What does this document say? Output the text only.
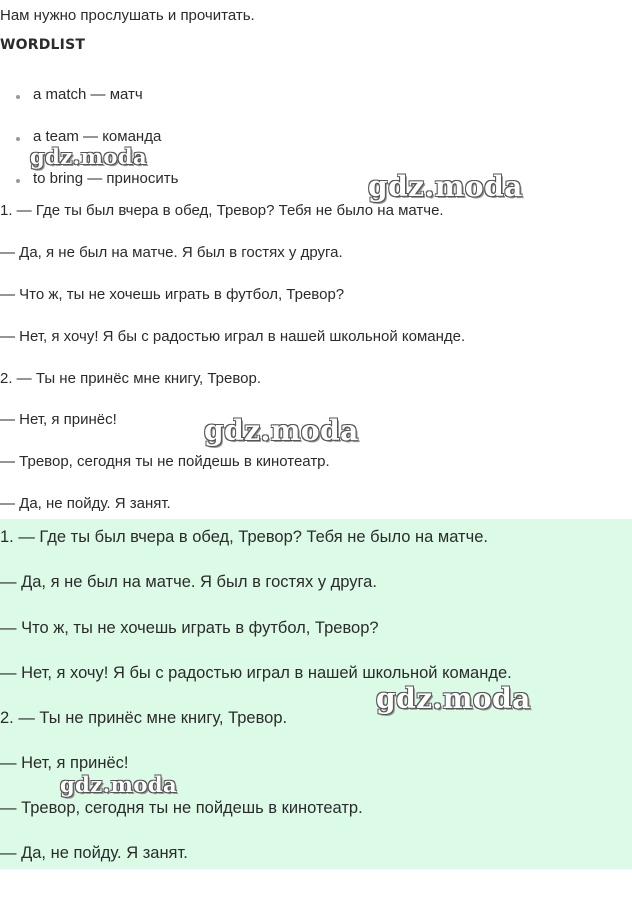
Нам нужно прослушать и прочитать.
WORDLIST
a match — матч
a team — команда
to bring — приносить
1. — Где ты был вчера в обед, Тревор? Тебя не было на матче.
— Да, я не был на матче. Я был в гостях у друга.
— Что ж, ты не хочешь играть в футбол, Тревор?
— Нет, я хочу! Я бы с радостью играл в нашей школьной команде.
2. — Ты не принёс мне книгу, Тревор.
— Нет, я принёс!
— Тревор, сегодня ты не пойдешь в кинотеатр.
— Да, не пойду. Я занят.
1. — Где ты был вчера в обед, Тревор? Тебя не было на матче.
— Да, я не был на матче. Я был в гостях у друга.
— Что ж, ты не хочешь играть в футбол, Тревор?
— Нет, я хочу! Я бы с радостью играл в нашей школьной команде.
2. — Ты не принёс мне книгу, Тревор.
— Нет, я принёс!
— Тревор, сегодня ты не пойдешь в кинотеатр.
— Да, не пойду. Я занят.
gdz.moda
gdz.moda
gdz.moda
gdz.moda
gdz.moda
